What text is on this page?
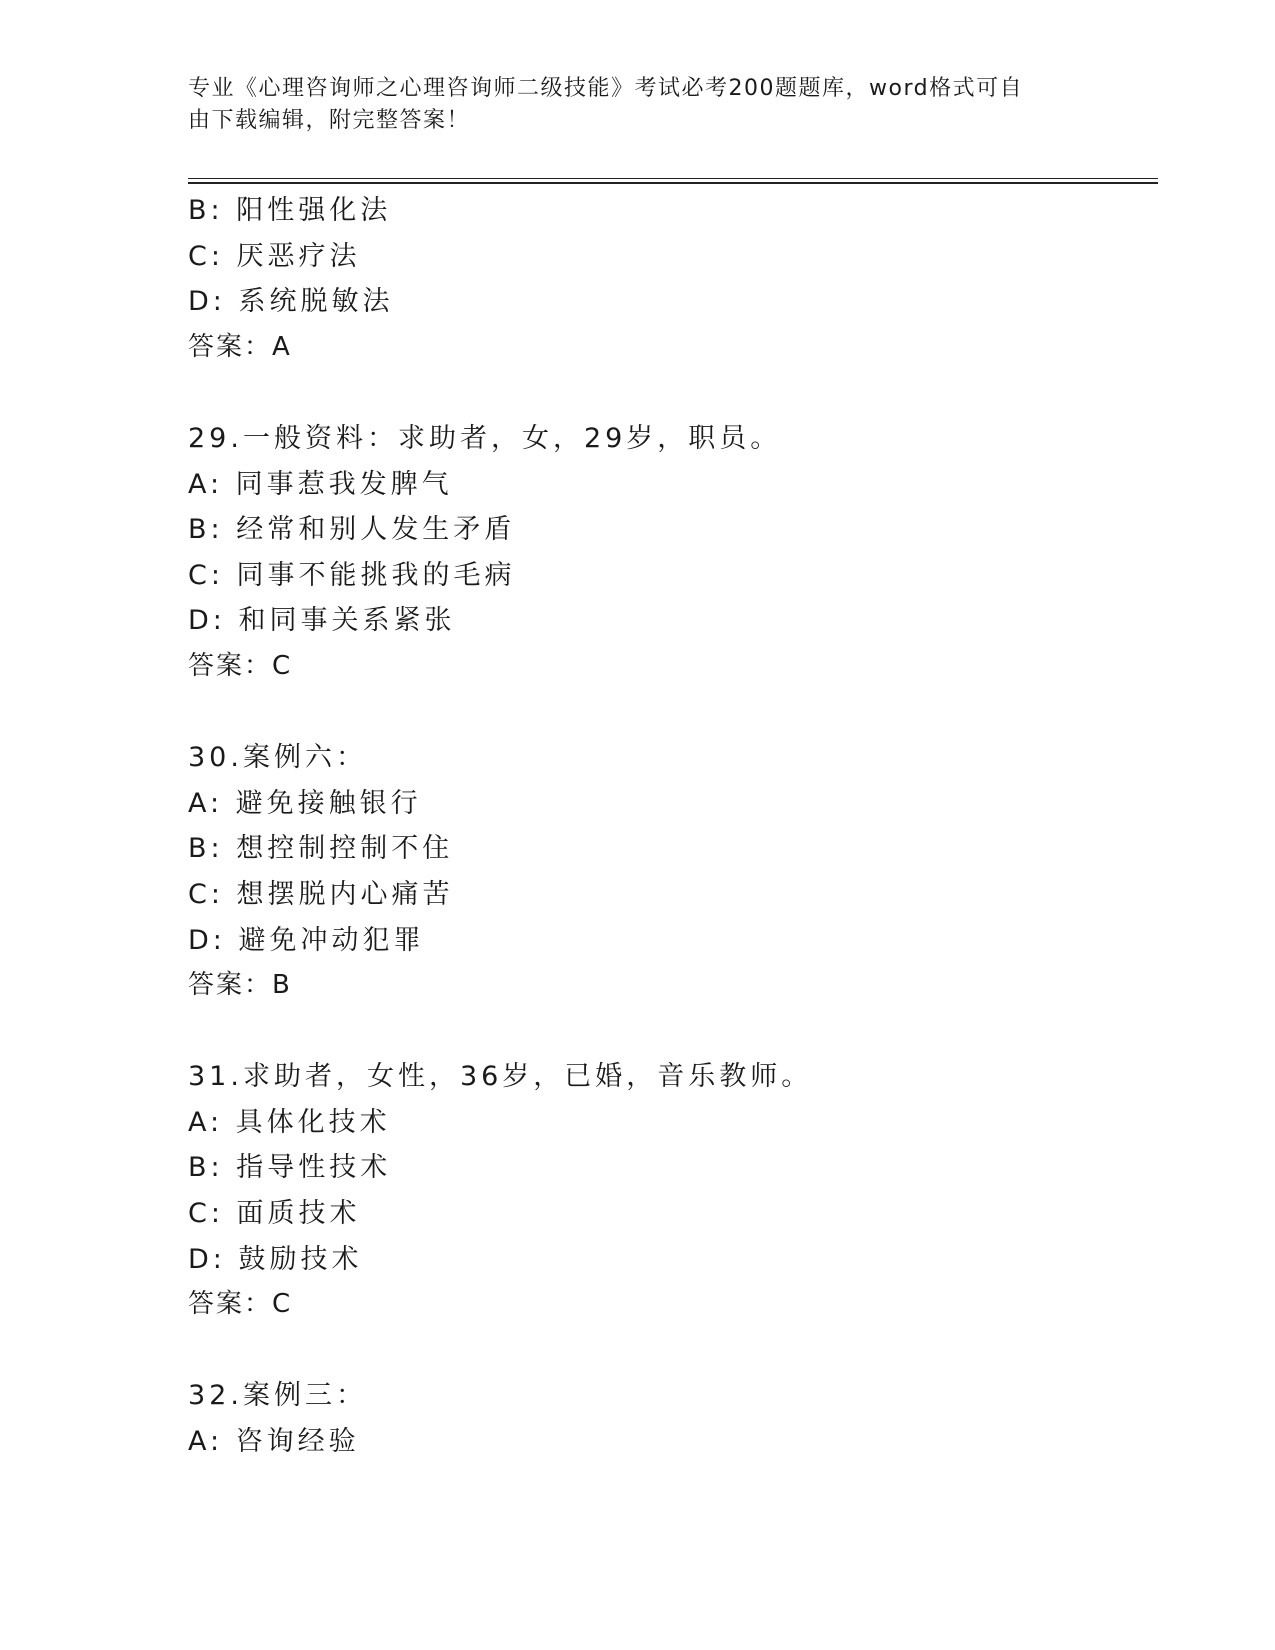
专业《心理咨询师之心理咨询师二级技能》考试必考200题题库，word格式可自
由下载编辑，附完整答案！
B: 阳性强化法
C: 厌恶疗法
D: 系统脱敏法
答案：A
29.一般资料：求助者，女，29岁，职员。
A: 同事惹我发脾气
B: 经常和别人发生矛盾
C: 同事不能挑我的毛病
D: 和同事关系紧张
答案：C
30.案例六：
A: 避免接触银行
B: 想控制控制不住
C: 想摆脱内心痛苦
D: 避免冲动犯罪
答案：B
31.求助者，女性，36岁，已婚，音乐教师。
A: 具体化技术
B: 指导性技术
C: 面质技术
D: 鼓励技术
答案：C
32.案例三：
A: 咨询经验
